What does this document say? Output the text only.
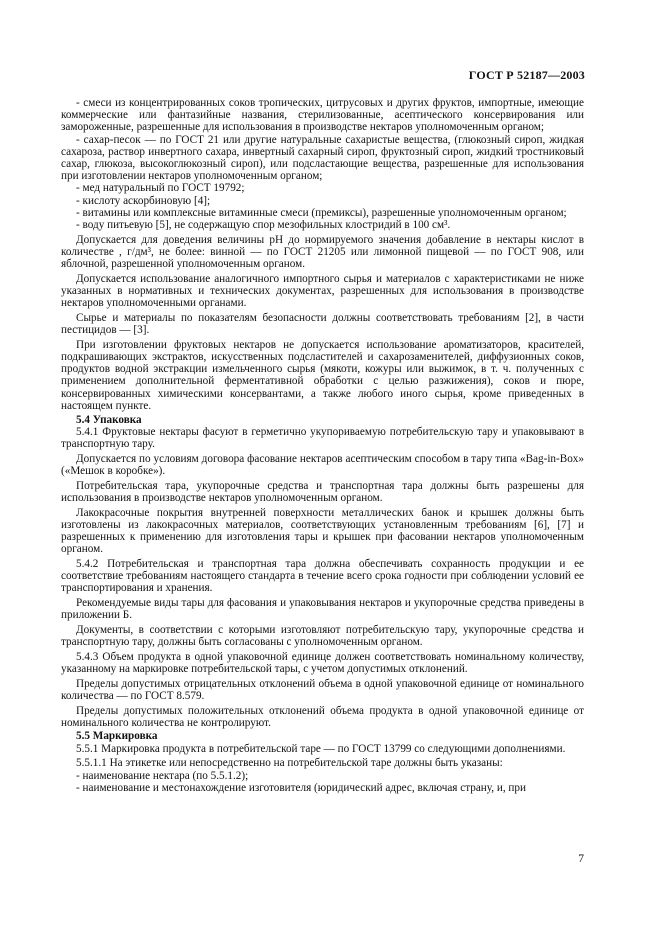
ГОСТ Р 52187—2003

- смеси из концентрированных соков тропических, цитрусовых и других фруктов, импортные, имеющие коммерческие или фантазийные названия, стерилизованные, асептического консервирования или замороженные, разрешенные для использования в производстве нектаров уполномоченным органом;

- сахар-песок — по ГОСТ 21 или другие натуральные сахаристые вещества, (глюкозный сироп, жидкая сахароза, раствор инвертного сахара, инвертный сахарный сироп, фруктозный сироп, жидкий тростниковый сахар, глюкоза, высокоглюкозный сироп), или подсластающие вещества, разрешенные для использования при изготовлении нектаров уполномоченным органом;

- мед натуральный по ГОСТ 19792;

- кислоту аскорбиновую [4];

- витамины или комплексные витаминные смеси (премиксы), разрешенные уполномоченным органом;

- воду питьевую [5], не содержащую спор мезофильных клостридий в 100 см³.

Допускается для доведения величины pH до нормируемого значения добавление в нектары кислот в количестве , г/дм³, не более: винной — по ГОСТ 21205 или лимонной пищевой — по ГОСТ 908, или яблочной, разрешенной уполномоченным органом.

Допускается использование аналогичного импортного сырья и материалов с характеристиками не ниже указанных в нормативных и технических документах, разрешенных для использования в производстве нектаров уполномоченными органами.

Сырье и материалы по показателям безопасности должны соответствовать требованиям [2], в части пестицидов — [3].

При изготовлении фруктовых нектаров не допускается использование ароматизаторов, красителей, подкрашивающих экстрактов, искусственных подсластителей и сахарозаменителей, диффузионных соков, продуктов водной экстракции измельченного сырья (мякоти, кожуры или выжимок, в т. ч. полученных с применением дополнительной ферментативной обработки с целью разжижения), соков и пюре, консервированных химическими консервантами, а также любого иного сырья, кроме приведенных в настоящем пункте.

5.4 Упаковка

5.4.1 Фруктовые нектары фасуют в герметично укупориваемую потребительскую тару и упаковывают в транспортную тару.

Допускается по условиям договора фасование нектаров асептическим способом в тару типа «Bag-in-Box» («Мешок в коробке»).

Потребительская тара, укупорочные средства и транспортная тара должны быть разрешены для использования в производстве нектаров уполномоченным органом.

Лакокрасочные покрытия внутренней поверхности металлических банок и крышек должны быть изготовлены из лакокрасочных материалов, соответствующих установленным требованиям [6], [7] и разрешенных к применению для изготовления тары и крышек при фасовании нектаров уполномоченным органом.

5.4.2 Потребительская и транспортная тара должна обеспечивать сохранность продукции и ее соответствие требованиям настоящего стандарта в течение всего срока годности при соблюдении условий ее транспортирования и хранения.

Рекомендуемые виды тары для фасования и упаковывания нектаров и укупорочные средства приведены в приложении Б.

Документы, в соответствии с которыми изготовляют потребительскую тару, укупорочные средства и транспортную тару, должны быть согласованы с уполномоченным органом.

5.4.3 Объем продукта в одной упаковочной единице должен соответствовать номинальному количеству, указанному на маркировке потребительской тары, с учетом допустимых отклонений.

Пределы допустимых отрицательных отклонений объема в одной упаковочной единице от номинального количества — по ГОСТ 8.579.

Пределы допустимых положительных отклонений объема продукта в одной упаковочной единице от номинального количества не контролируют.

5.5 Маркировка

5.5.1 Маркировка продукта в потребительской таре — по ГОСТ 13799 со следующими дополнениями.

5.5.1.1 На этикетке или непосредственно на потребительской таре должны быть указаны:

- наименование нектара (по 5.5.1.2);

- наименование и местонахождение изготовителя (юридический адрес, включая страну, и, при

7
